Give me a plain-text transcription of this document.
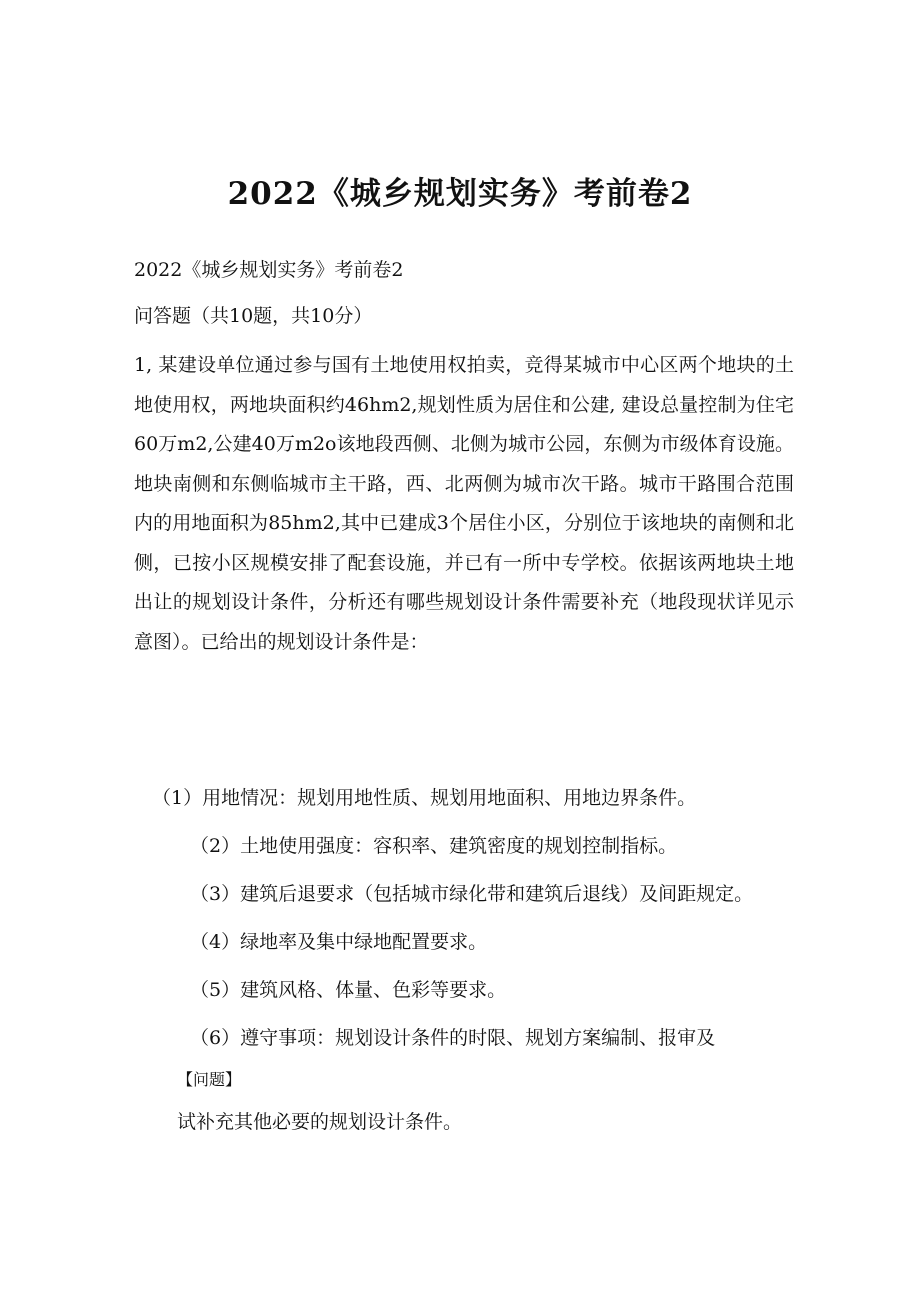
2022《城乡规划实务》考前卷2
2022《城乡规划实务》考前卷2
问答题（共10题，共10分）
1, 某建设单位通过参与国有土地使用权拍卖，竞得某城市中心区两个地块的土地使用权，两地块面积约46hm2,规划性质为居住和公建, 建设总量控制为住宅60万m2,公建40万m2o该地段西侧、北侧为城市公园，东侧为市级体育设施。地块南侧和东侧临城市主干路，西、北两侧为城市次干路。城市干路围合范围内的用地面积为85hm2,其中已建成3个居住小区，分别位于该地块的南侧和北侧，已按小区规模安排了配套设施，并已有一所中专学校。依据该两地块土地出让的规划设计条件，分析还有哪些规划设计条件需要补充（地段现状详见示意图）。已给出的规划设计条件是：
（1）用地情况：规划用地性质、规划用地面积、用地边界条件。
（2）土地使用强度：容积率、建筑密度的规划控制指标。
（3）建筑后退要求（包括城市绿化带和建筑后退线）及间距规定。
（4）绿地率及集中绿地配置要求。
（5）建筑风格、体量、色彩等要求。
（6）遵守事项：规划设计条件的时限、规划方案编制、报审及
【问题】
试补充其他必要的规划设计条件。
